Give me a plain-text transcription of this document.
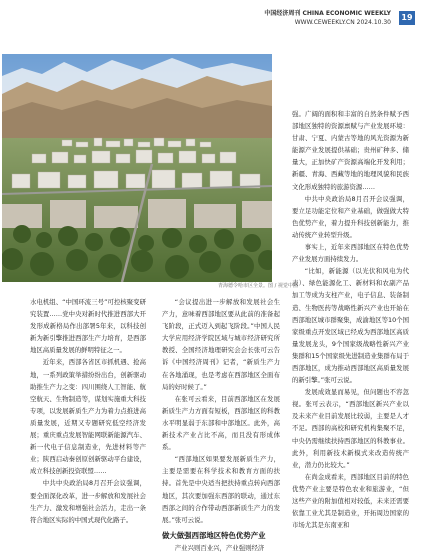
中国经济周刊 CHINA ECONOMIC WEEKLY
WWW.CEWEEKLY.CN 2024.10.30
19
青海德令哈市区全景。图 / 视觉中国

水电机组、“中国环流三号”可控核聚变研究装置……党中央对新时代推进西部大开发形成新格局作出部署5年来，以科技创新为新引擎推进西部生产力培育，是西部地区高质量发展的鲜明特征之一。

近年来，西部各省区市抓机遇、抢高地，一系列政策举措纷纷出台，创新驱动助推生产力之变：四川围绕人工智能、航空航天、生物制造等，谋划实施重大科技专项，以发展新质生产力为着力点推进高质量发展，近期又专题研究低空经济发展；重庆重点发展智能网联新能源汽车、新一代电子信息制造业，先进材料等产业；陕西启动秦创原创新驱动平台建设，成立科技创新投资联盟……

中共中央政治局8月召开会议强调，要全面深化改革，进一步解放和发展社会生产力、激发和增强社会活力，走出一条符合地区实际的中国式现代化路子。

“会议提出进一步解放和发展社会生产力，意味着西部地区要从此前的准备起飞阶段，正式迈入到起飞阶段。”中国人民大学应用经济学院区域与城市经济研究所教授、全国经济地理研究会会长张可云告诉《中国经济周刊》记者，“新质生产力在各地涌现，也是考虑在西部地区全面布局的好时候了。”

在张可云看来，目前西部地区在发展新质生产力方面有短板，西部地区的科教水平明显弱于东部和中部地区。此外，高新技术产业占比不高，而且没有形成体系。

“西部地区如果要发展新质生产力，主要是需要在科学技术和教育方面的扶持。首先是中央适当把扶持重点转向西部地区，其次要加强东西部的联动，通过东西部之间的合作带动西部新质生产力的发展。”张可云说。

做大做强西部地区特色优势产业

产业兴则百业兴，产业强则经济

强。广阔的面积和丰富的自然条件赋予西部地区独特的资源禀赋与产业发展环境：甘肃、宁夏、内蒙古等地的风光资源为新能源产业发展提供基础；贵州矿种多、储量大，正加快矿产资源高端化开发利用；新疆、青海、西藏等地的地理风貌和民族文化形成独特的旅游资源……

中共中央政治局8月召开会议强调，要立足功能定位和产业基础，做强做大特色优势产业，着力提升科技创新能力，推动传统产业转型升级。

事实上，近年来西部地区在特色优势产业发展方面持续发力。

“比如，新能源（以光伏和风电为代表）、绿色能源化工、新材料和农副产品加工等成为支柱产业，电子信息、装备制造、生物医药等战略性新兴产业也开始在西部地区城市群聚集，成渝地区等10个国家级重点开发区域已经成为西部地区高质量发展龙头，9个国家级战略性新兴产业集群和15个国家级先进制造业集群布局于西部地区，成为推动西部地区高质量发展的新引擎。”张可云说。

发展成效显而易见，但问题也不容忽视。张可云表示，“西部地区新兴产业以及未来产业目前发展比较弱，主要是人才不足。西部的高校和研究机构集聚不足，中央仍需继续扶持西部地区的科教事业。此外，利用新技术新模式来改造传统产业，潜力仍比较大。”

在尚金成看来，西部地区目前的特色优势产业主要是特色农业和旅游业，“但这些产业的附加值相对较低，未来还需要依靠工业尤其是制造业，开拓周边国家的市场尤其是东南亚和
